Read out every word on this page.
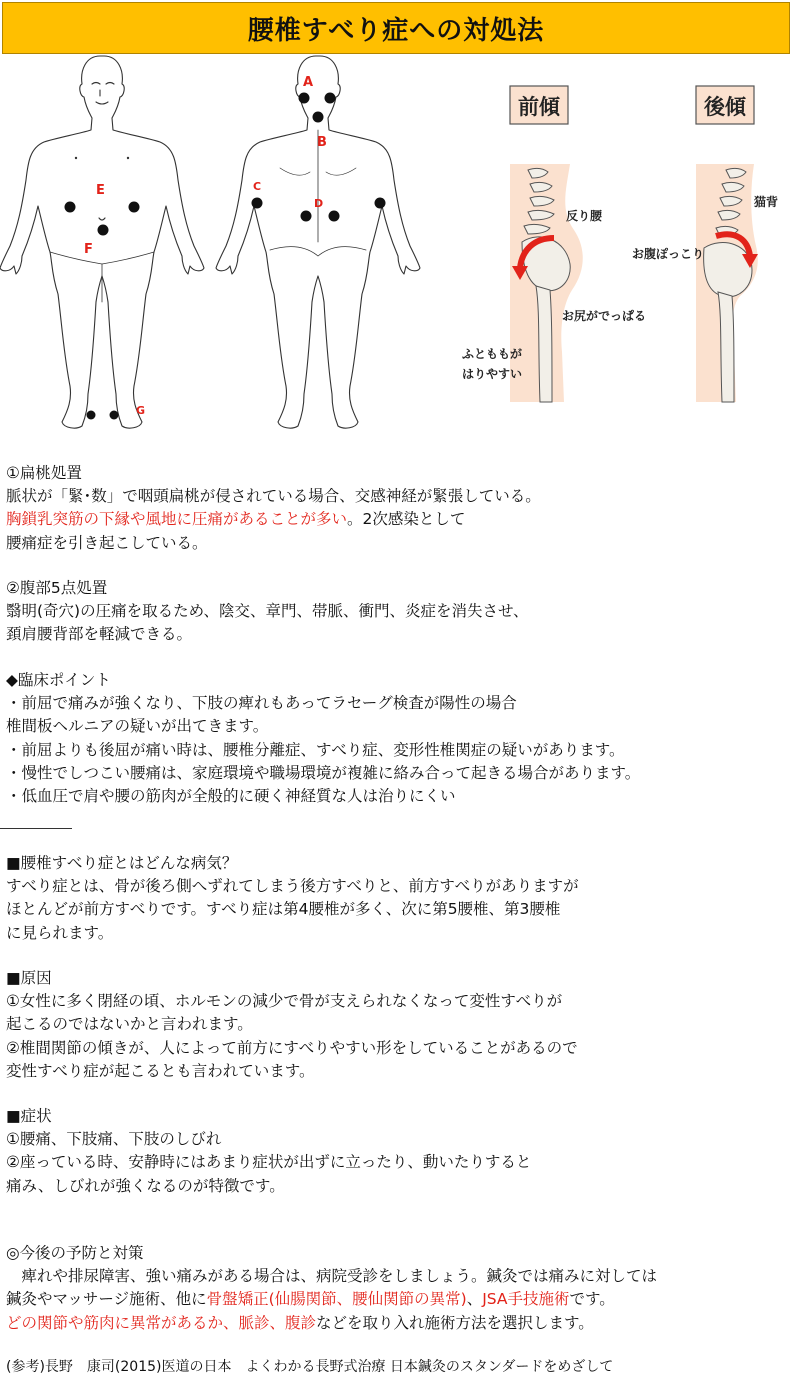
腰椎すべり症への対処法
E
F
G
A
B
C
D
前傾	後傾
反り腰
お尻がでっぱる
ふとももが
はりやすい
猫背
お腹ぽっこり
①扁桃処置
脈状が「緊･数」で咽頭扁桃が侵されている場合、交感神経が緊張している。
胸鎖乳突筋の下縁や風地に圧痛があることが多い。2次感染として
腰痛症を引き起こしている。
②腹部5点処置
翳明(奇穴)の圧痛を取るため、陰交、章門、帯脈、衝門、炎症を消失させ、
頚肩腰背部を軽減できる。
◆臨床ポイント
・前屈で痛みが強くなり、下肢の痺れもあってラセーグ検査が陽性の場合
椎間板ヘルニアの疑いが出てきます。
・前屈よりも後屈が痛い時は、腰椎分離症、すべり症、変形性椎関症の疑いがあります。
・慢性でしつこい腰痛は、家庭環境や職場環境が複雑に絡み合って起きる場合があります。
・低血圧で肩や腰の筋肉が全般的に硬く神経質な人は治りにくい
■腰椎すべり症とはどんな病気？
すべり症とは、骨が後ろ側へずれてしまう後方すべりと、前方すべりがありますが
ほとんどが前方すべりです。すべり症は第4腰椎が多く、次に第5腰椎、第3腰椎
に見られます。
■原因
①女性に多く閉経の頃、ホルモンの減少で骨が支えられなくなって変性すべりが
起こるのではないかと言われます。
②椎間関節の傾きが、人によって前方にすべりやすい形をしていることがあるので
変性すべり症が起こるとも言われています。
■症状
①腰痛、下肢痛、下肢のしびれ
②座っている時、安静時にはあまり症状が出ずに立ったり、動いたりすると
痛み、しびれが強くなるのが特徴です。
◎今後の予防と対策
　痺れや排尿障害、強い痛みがある場合は、病院受診をしましょう。鍼灸では痛みに対しては
鍼灸やマッサージ施術、他に骨盤矯正(仙腸関節、腰仙関節の異常)、JSA手技施術です。
どの関節や筋肉に異常があるか、脈診、腹診などを取り入れ施術方法を選択します。
(参考)長野　康司(2015)医道の日本　よくわかる長野式治療 日本鍼灸のスタンダードをめざして
